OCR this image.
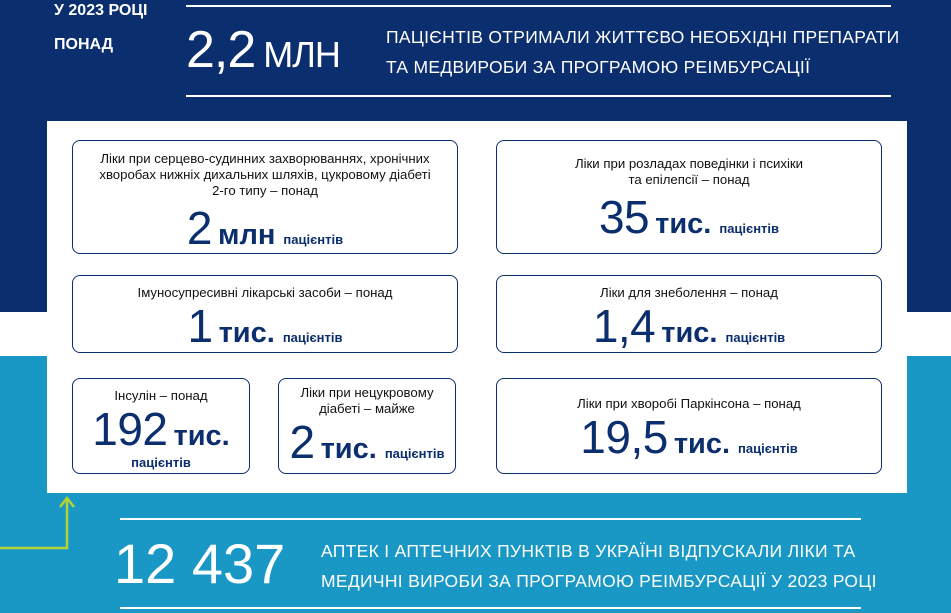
У 2023 РОЦІ
ПОНАД 2,2 МЛН	ПАЦІЄНТІВ ОТРИМАЛИ ЖИТТЄВО НЕОБХІДНІ ПРЕПАРАТИ
ТА МЕДВИРОБИ ЗА ПРОГРАМОЮ РЕІМБУРСАЦІЇ
Ліки при серцево-судинних захворюваннях, хронічних
хворобах нижніх дихальних шляхів, цукровому діабеті
2-го типу – понад
2 млн пацієнтів
Ліки при розладах поведінки і психіки
та епілепсії – понад
35 тис. пацієнтів
Імуносупресивні лікарські засоби – понад
1 тис. пацієнтів
Ліки для знеболення – понад
1,4 тис. пацієнтів
Інсулін – понад
192 тис.
пацієнтів
Ліки при нецукровому
діабеті – майже
2 тис. пацієнтів
Ліки при хворобі Паркінсона – понад
19,5 тис. пацієнтів
12 437 АПТЕК І АПТЕЧНИХ ПУНКТІВ В УКРАЇНІ ВІДПУСКАЛИ ЛІКИ ТА
МЕДИЧНІ ВИРОБИ ЗА ПРОГРАМОЮ РЕІМБУРСАЦІЇ У 2023 РОЦІ
